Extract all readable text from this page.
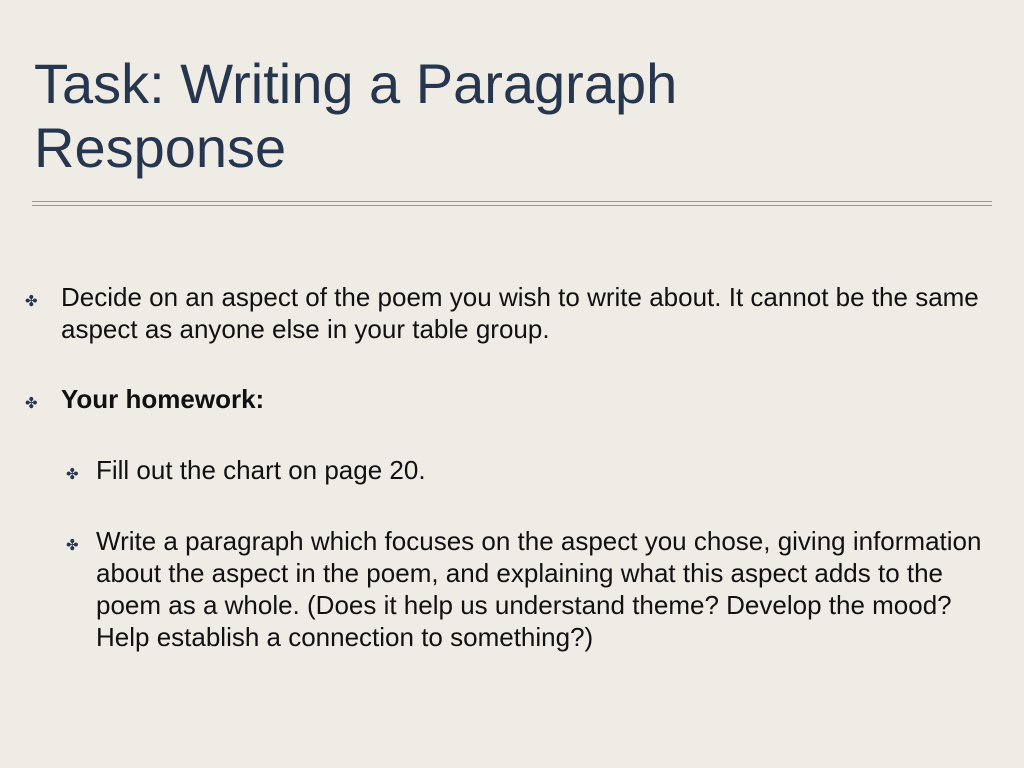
Task: Writing a Paragraph
Response
✤ Decide on an aspect of the poem you wish to write about. It cannot be the same aspect as anyone else in your table group.
✤ Your homework:
✤ Fill out the chart on page 20.
✤ Write a paragraph which focuses on the aspect you chose, giving information about the aspect in the poem, and explaining what this aspect adds to the poem as a whole. (Does it help us understand theme? Develop the mood? Help establish a connection to something?)
